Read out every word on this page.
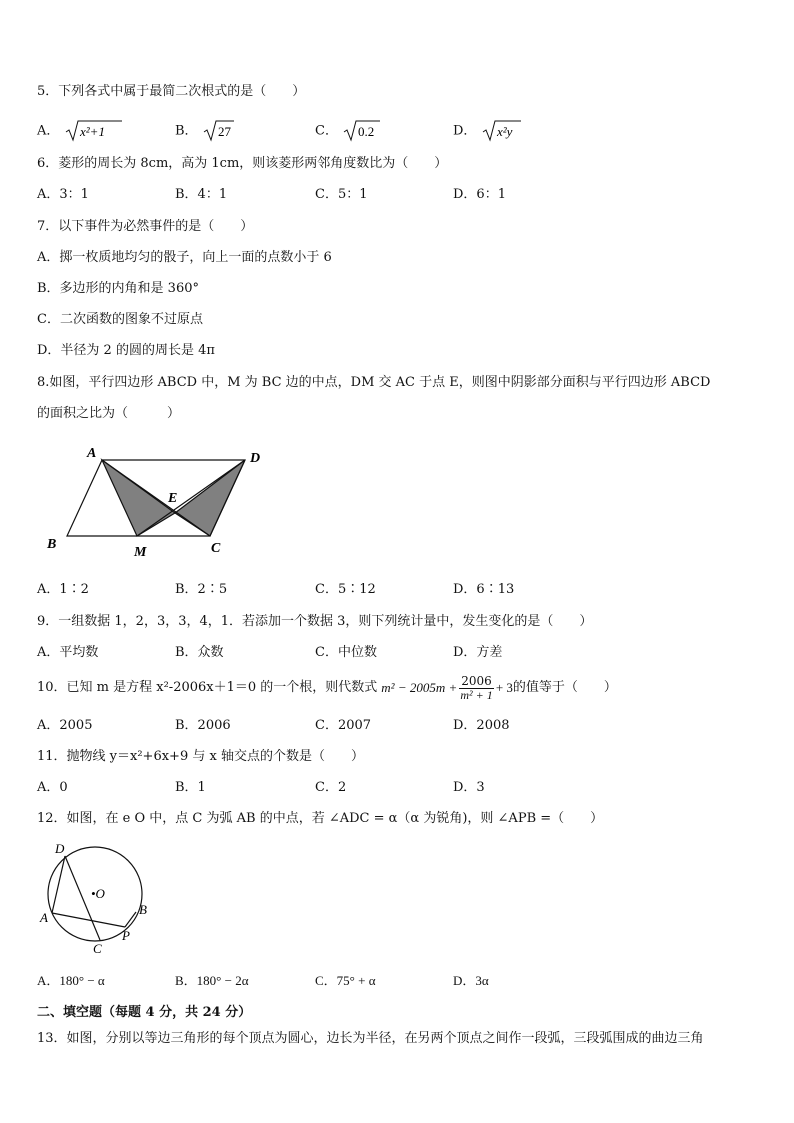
5．下列各式中属于最简二次根式的是（　　）
A． x²+1	B． 27	C． 0.2	D． x²y
6．菱形的周长为 8cm，高为 1cm，则该菱形两邻角度数比为（　　）
A．3：1	B．4：1	C．5：1	D．6：1
7．以下事件为必然事件的是（　　）
A．掷一枚质地均匀的骰子，向上一面的点数小于 6
B．多边形的内角和是 360°
C．二次函数的图象不过原点
D．半径为 2 的圆的周长是 4π
8.如图，平行四边形 ABCD 中，M 为 BC 边的中点，DM 交 AC 于点 E，则图中阴影部分面积与平行四边形 ABCD
的面积之比为（　　　）
A	D
E
B
M	C
A．1∶2	B．2∶5	C．5∶12	D．6∶13
9．一组数据 1，2，3，3，4，1．若添加一个数据 3，则下列统计量中，发生变化的是（　　）
A．平均数	B．众数	C．中位数	D．方差
10．已知 m 是方程 x²-2006x＋1＝0 的一个根，则代数式 $m^2 - 2005m + \frac{2006}{\text{m² + 1}} + 3$ 的值等于（　　）
A．2005	B．2006	C．2007	D．2008
11．抛物线 y＝x²+6x+9 与 x 轴交点的个数是（　　）
A．0	B．1	C．2	D．3
12．如图，在 e O 中，点 C 为弧 AB 的中点，若 ∠ADC = α（α 为锐角)，则 ∠APB =（　　）
D
•O
A
B
C
P
A．180° − α	B．180° − 2α	C．75° + α	D．3α
二、填空题（每题 4 分，共 24 分）
13．如图，分别以等边三角形的每个顶点为圆心，边长为半径，在另两个顶点之间作一段弧，三段弧围成的曲边三角
